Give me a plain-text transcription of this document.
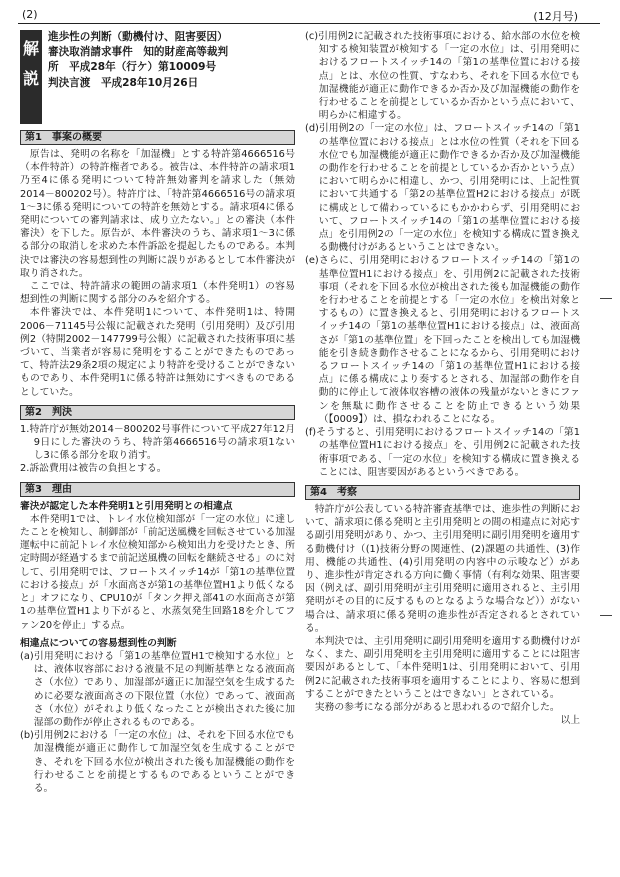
(2)	(12月号)
解
説
進歩性の判断（動機付け、阻害要因）
審決取消請求事件　知的財産高等裁判
所　平成28年（行ケ）第10009号
判決言渡　平成28年10月26日
第1　事案の概要
原告は、発明の名称を「加湿機」とする特許第4666516号（本件特許）の特許権者である。被告は、本件特許の請求項1乃至4に係る発明について特許無効審判を請求した（無効2014－800202号）。特許庁は、「特許第4666516号の請求項1～3に係る発明についての特許を無効とする。請求項4に係る発明についての審判請求は、成り立たない。」との審決（本件審決）を下した。原告が、本件審決のうち、請求項1～3に係る部分の取消しを求めた本件訴訟を提起したものである。本判決では審決の容易想到性の判断に誤りがあるとして本件審決が取り消された。
ここでは、特許請求の範囲の請求項1（本件発明1）の容易想到性の判断に関する部分のみを紹介する。
本件審決では、本件発明1について、本件発明1は、特開2006－71145号公報に記載された発明（引用発明）及び引用例2（特開2002－147799号公報）に記載された技術事項に基づいて、当業者が容易に発明をすることができたものであって、特許法29条2項の規定により特許を受けることができないものであり、本件発明1に係る特許は無効にすべきものであるとしていた。
第2　判決
1.特許庁が無効2014－800202号事件について平成27年12月9日にした審決のうち、特許第4666516号の請求項1ないし3に係る部分を取り消す。
2.訴訟費用は被告の負担とする。
第3　理由
審決が認定した本件発明1と引用発明との相違点
本件発明1では、トレイ水位検知部が「一定の水位」に達したことを検知し、制御部が「前記送風機を回転させている加湿運転中に前記トレイ水位検知部から検知出力を受けたとき、所定時間が経過するまで前記送風機の回転を継続させる」のに対して、引用発明では、フロートスイッチ14が「第1の基準位置における接点」が「水面高さが第1の基準位置H1より低くなると」オフになり、CPU10が「タンク押え部41の水面高さが第1の基準位置H1より下がると、水蒸気発生回路18を介してファン20を停止」する点。
相違点についての容易想到性の判断
(a)引用発明における「第1の基準位置H1で検知する水位」とは、液体収容部における液量不足の判断基準となる液面高さ（水位）であり、加湿部が適正に加湿空気を生成するために必要な液面高さの下限位置（水位）であって、液面高さ（水位）がそれより低くなったことが検出された後に加湿部の動作が停止されるものである。
(b)引用例2における「一定の水位」は、それを下回る水位でも加湿機能が適正に動作して加湿空気を生成することができ、それを下回る水位が検出された後も加湿機能の動作を行わせることを前提とするものであるということができる。
(c)引用例2に記載された技術事項における、給水部の水位を検知する検知装置が検知する「一定の水位」は、引用発明におけるフロートスイッチ14の「第1の基準位置における接点」とは、水位の性質、すなわち、それを下回る水位でも加湿機能が適正に動作できるか否か及び加湿機能の動作を行わせることを前提としているか否かという点において、明らかに相違する。
(d)引用例2の「一定の水位」は、フロートスイッチ14の「第1の基準位置における接点」とは水位の性質（それを下回る水位でも加湿機能が適正に動作できるか否か及び加湿機能の動作を行わせることを前提としているか否かという点）において明らかに相違し、かつ、引用発明には、上記性質において共通する「第2の基準位置H2における接点」が既に構成として備わっているにもかかわらず、引用発明において、フロートスイッチ14の「第1の基準位置における接点」を引用例2の「一定の水位」を検知する構成に置き換える動機付けがあるということはできない。
(e)さらに、引用発明におけるフロートスイッチ14の「第1の基準位置H1における接点」を、引用例2に記載された技術事項（それを下回る水位が検出された後も加湿機能の動作を行わせることを前提とする「一定の水位」を検出対象とするもの）に置き換えると、引用発明におけるフロートスイッチ14の「第1の基準位置H1における接点」は、液面高さが「第1の基準位置」を下回ったことを検出しても加湿機能を引き続き動作させることになるから、引用発明におけるフロートスイッチ14の「第1の基準位置H1における接点」に係る構成により奏するとされる、加湿部の動作を自動的に停止して液体収容槽の液体の残量がないときにファンを無駄に動作させることを防止できるという効果（【0009】）は、損なわれることになる。
(f)そうすると、引用発明におけるフロートスイッチ14の「第1の基準位置H1における接点」を、引用例2に記載された技術事項である、「一定の水位」を検知する構成に置き換えることには、阻害要因があるというべきである。
第4　考察
特許庁が公表している特許審査基準では、進歩性の判断において、請求項に係る発明と主引用発明との間の相違点に対応する副引用発明があり、かつ、主引用発明に副引用発明を適用する動機付け（(1)技術分野の関連性、(2)課題の共通性、(3)作用、機能の共通性、(4)引用発明の内容中の示唆など）があり、進歩性が肯定される方向に働く事情（有利な効果、阻害要因（例えば、副引用発明が主引用発明に適用されると、主引用発明がその目的に反するものとなるような場合など））がない場合は、請求項に係る発明の進歩性が否定されるとされている。
本判決では、主引用発明に副引用発明を適用する動機付けがなく、また、副引用発明を主引用発明に適用することには阻害要因があるとして、「本件発明1は、引用発明において、引用例2に記載された技術事項を適用することにより、容易に想到することができたということはできない」とされている。
実務の参考になる部分があると思われるので紹介した。
以上
